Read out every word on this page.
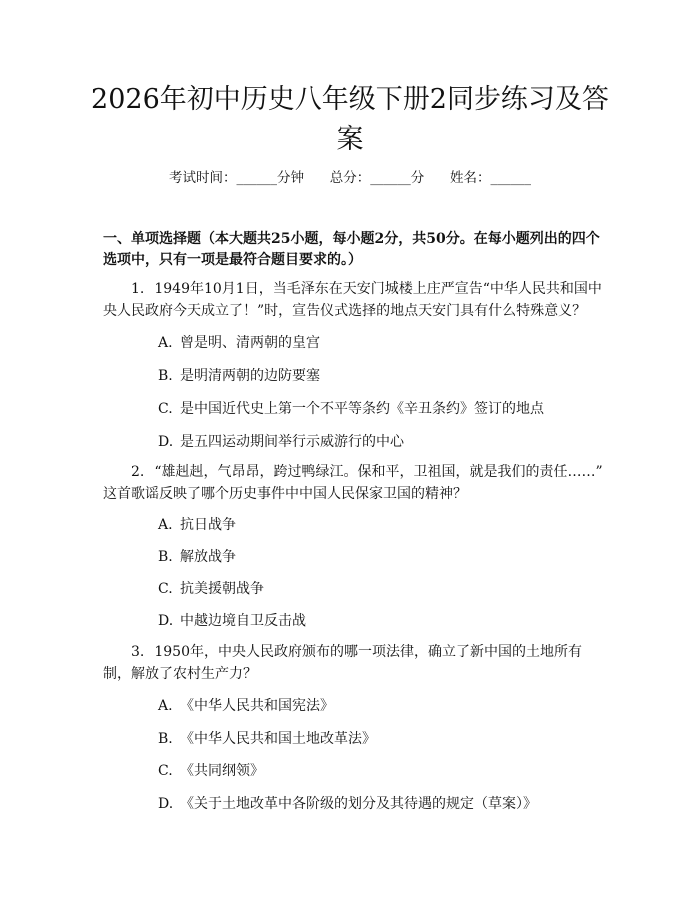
2026年初中历史八年级下册2同步练习及答案
考试时间：______分钟 总分：______分 姓名：______
一、单项选择题（本大题共25小题，每小题2分，共50分。在每小题列出的四个选项中，只有一项是最符合题目要求的。）
1. 1949年10月1日，当毛泽东在天安门城楼上庄严宣告“中华人民共和国中央人民政府今天成立了！”时，宣告仪式选择的地点天安门具有什么特殊意义？
A. 曾是明、清两朝的皇宫
B. 是明清两朝的边防要塞
C. 是中国近代史上第一个不平等条约《辛丑条约》签订的地点
D. 是五四运动期间举行示威游行的中心
2. “雄赳赳，气昂昂，跨过鸭绿江。保和平，卫祖国，就是我们的责任……” 这首歌谣反映了哪个历史事件中中国人民保家卫国的精神？
A. 抗日战争
B. 解放战争
C. 抗美援朝战争
D. 中越边境自卫反击战
3. 1950年，中央人民政府颁布的哪一项法律，确立了新中国的土地所有制，解放了农村生产力？
A. 《中华人民共和国宪法》
B. 《中华人民共和国土地改革法》
C. 《共同纲领》
D. 《关于土地改革中各阶级的划分及其待遇的规定（草案）》
